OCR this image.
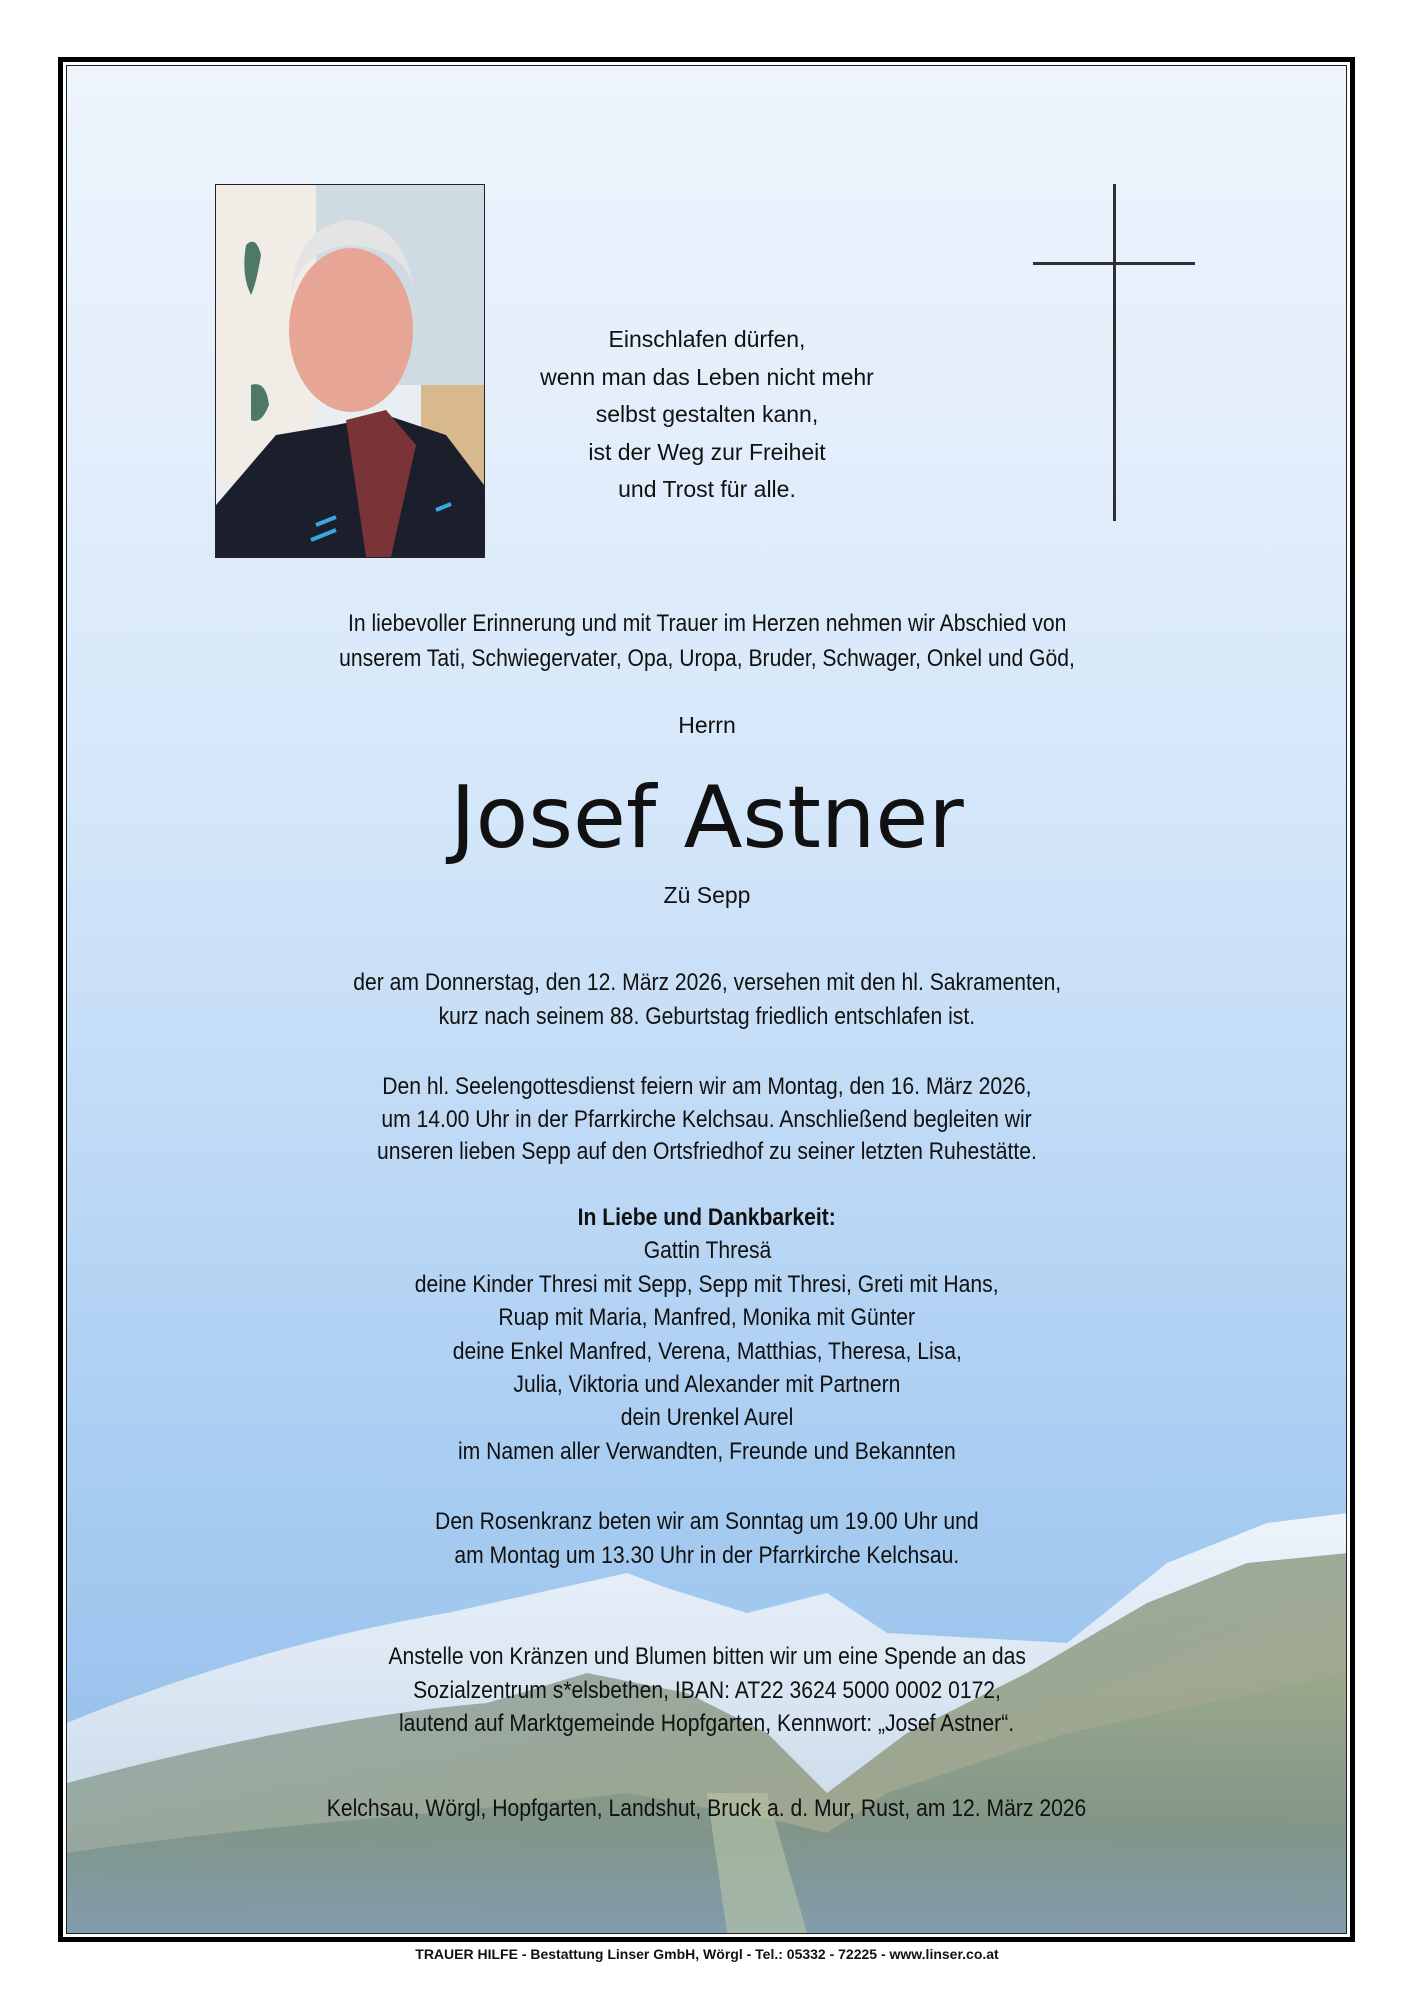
Einschlafen dürfen,
wenn man das Leben nicht mehr
selbst gestalten kann,
ist der Weg zur Freiheit
und Trost für alle.
In liebevoller Erinnerung und mit Trauer im Herzen nehmen wir Abschied von
unserem Tati, Schwiegervater, Opa, Uropa, Bruder, Schwager, Onkel und Göd,
Herrn
Josef Astner
Zü Sepp
der am Donnerstag, den 12. März 2026, versehen mit den hl. Sakramenten,
kurz nach seinem 88. Geburtstag friedlich entschlafen ist.
Den hl. Seelengottesdienst feiern wir am Montag, den 16. März 2026,
um 14.00 Uhr in der Pfarrkirche Kelchsau. Anschließend begleiten wir
unseren lieben Sepp auf den Ortsfriedhof zu seiner letzten Ruhestätte.
In Liebe und Dankbarkeit:
Gattin Thresä
deine Kinder Thresi mit Sepp, Sepp mit Thresi, Greti mit Hans,
Ruap mit Maria, Manfred, Monika mit Günter
deine Enkel Manfred, Verena, Matthias, Theresa, Lisa,
Julia, Viktoria und Alexander mit Partnern
dein Urenkel Aurel
im Namen aller Verwandten, Freunde und Bekannten
Den Rosenkranz beten wir am Sonntag um 19.00 Uhr und
am Montag um 13.30 Uhr in der Pfarrkirche Kelchsau.
Anstelle von Kränzen und Blumen bitten wir um eine Spende an das
Sozialzentrum s*elsbethen, IBAN: AT22 3624 5000 0002 0172,
lautend auf Marktgemeinde Hopfgarten, Kennwort: „Josef Astner“.
Kelchsau, Wörgl, Hopfgarten, Landshut, Bruck a. d. Mur, Rust, am 12. März 2026
TRAUER HILFE - Bestattung Linser GmbH, Wörgl - Tel.: 05332 - 72225 - www.linser.co.at
